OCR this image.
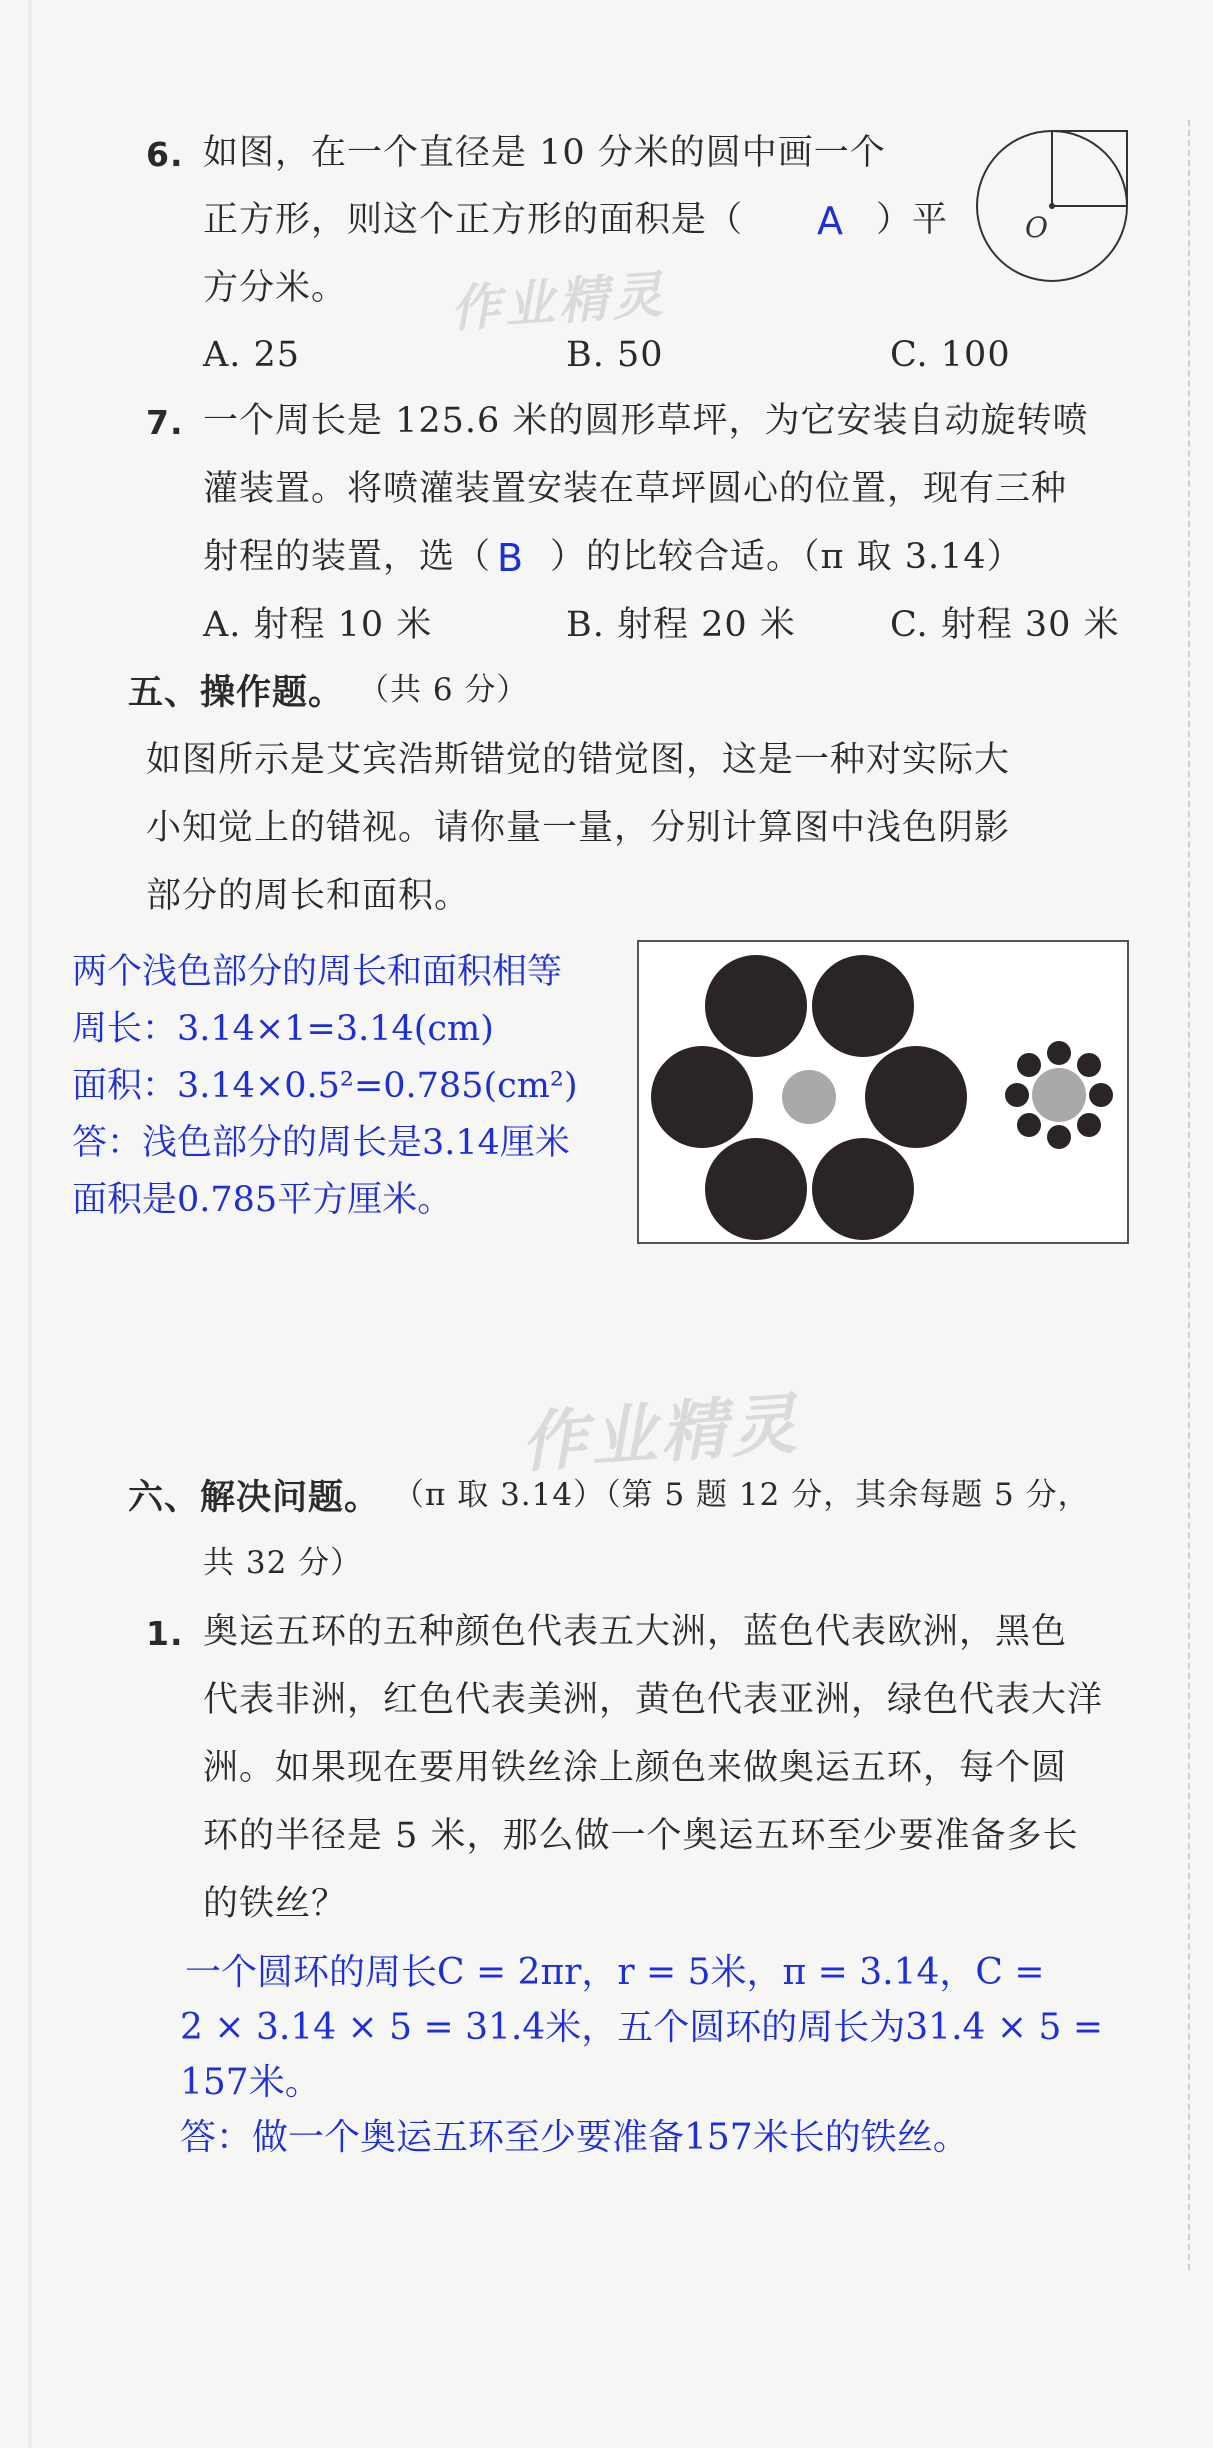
6. 如图，在一个直径是 10 分米的圆中画一个
正方形，则这个正方形的面积是（ A ）平
方分米。
A. 25	B. 50	C. 100
O
作业精灵
7. 一个周长是 125.6 米的圆形草坪，为它安装自动旋转喷
灌装置。将喷灌装置安装在草坪圆心的位置，现有三种
射程的装置，选（ B ）的比较合适。（π 取 3.14）
A. 射程 10 米	B. 射程 20 米	C. 射程 30 米
五、操作题。 （共 6 分）
如图所示是艾宾浩斯错觉的错觉图，这是一种对实际大
小知觉上的错视。请你量一量，分别计算图中浅色阴影
部分的周长和面积。
两个浅色部分的周长和面积相等
周长：3.14×1=3.14(cm)
面积：3.14×0.5²=0.785(cm²)
答：浅色部分的周长是3.14厘米
面积是0.785平方厘米。
作业精灵
六、解决问题。 （π 取 3.14）（第 5 题 12 分，其余每题 5 分，
共 32 分）
1. 奥运五环的五种颜色代表五大洲，蓝色代表欧洲，黑色
代表非洲，红色代表美洲，黄色代表亚洲，绿色代表大洋
洲。如果现在要用铁丝涂上颜色来做奥运五环，每个圆
环的半径是 5 米，那么做一个奥运五环至少要准备多长
的铁丝？
一个圆环的周长C = 2πr，r = 5米，π = 3.14，C =
2 × 3.14 × 5 = 31.4米，五个圆环的周长为31.4 × 5 =
157米。
答：做一个奥运五环至少要准备157米长的铁丝。
